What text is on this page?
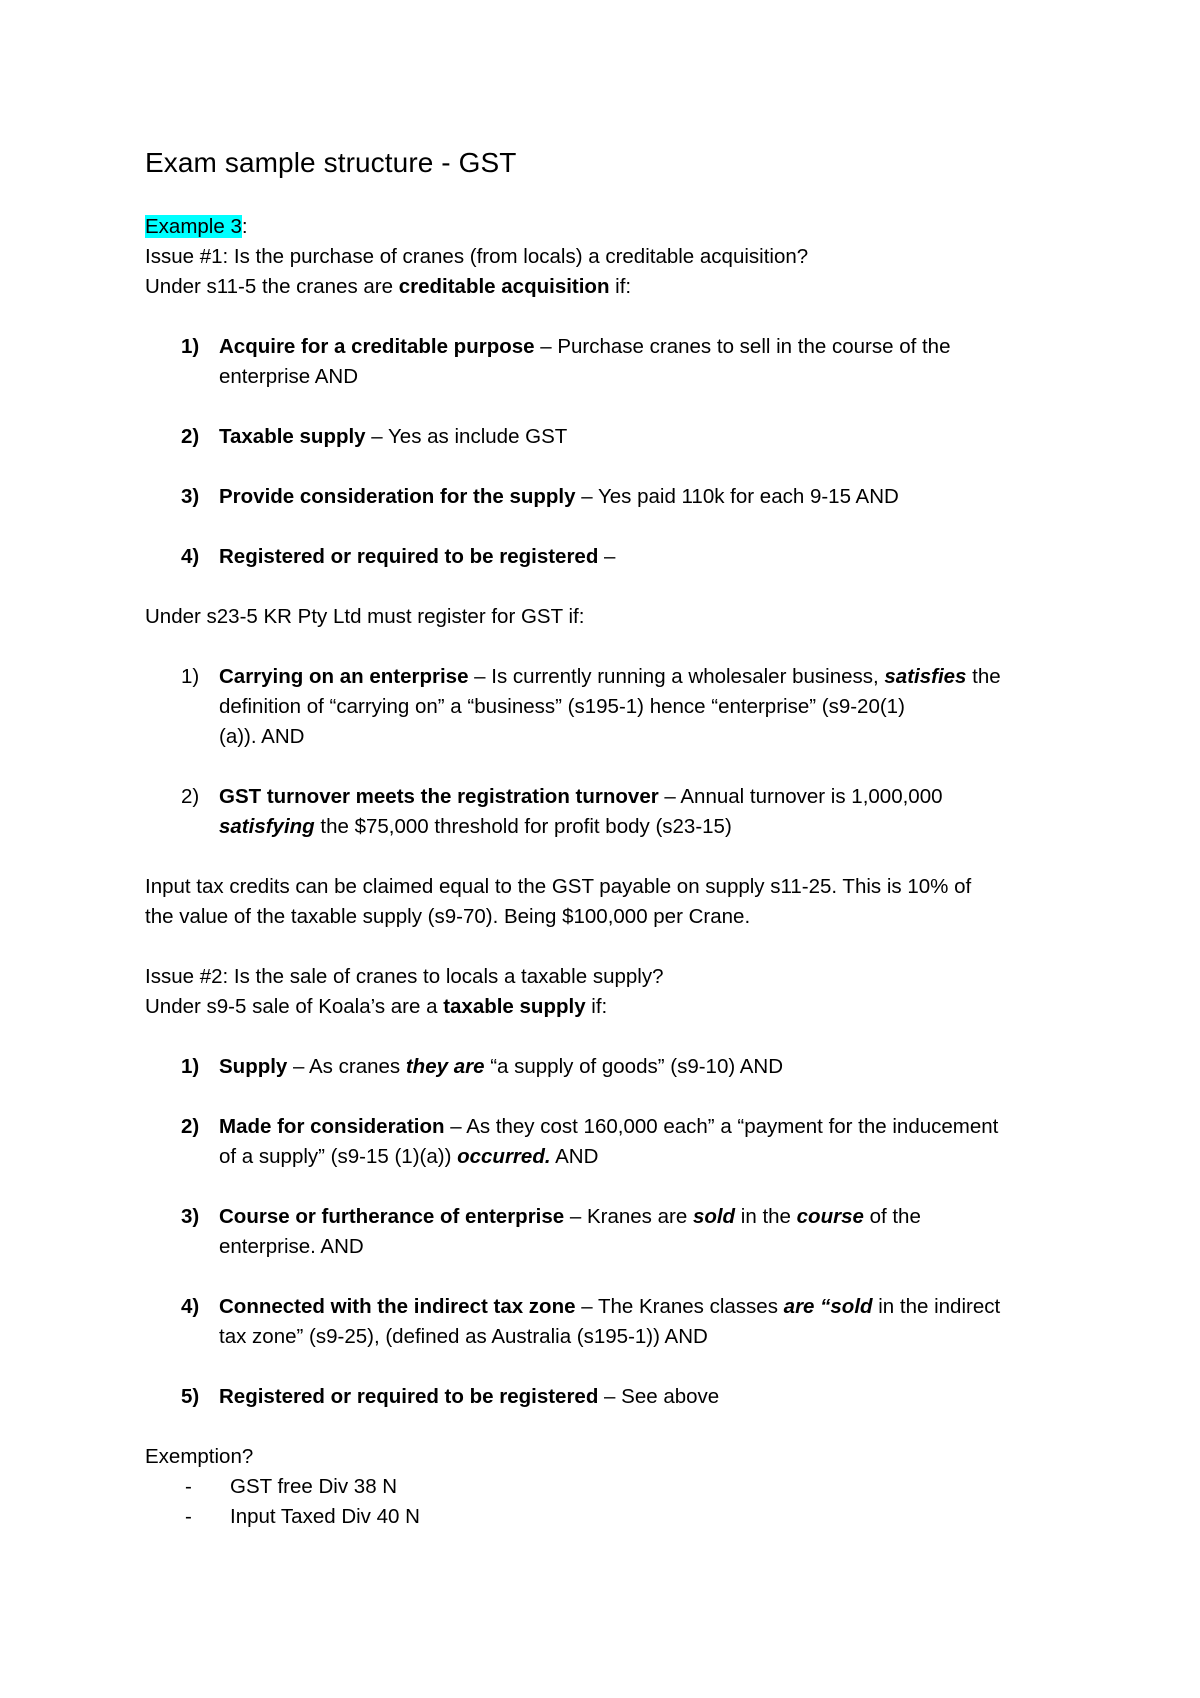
Exam sample structure - GST

Example 3:

Issue #1: Is the purchase of cranes (from locals) a creditable acquisition?

Under s11-5 the cranes are creditable acquisition if:

1) Acquire for a creditable purpose – Purchase cranes to sell in the course of the
enterprise AND
2) Taxable supply – Yes as include GST
3) Provide consideration for the supply – Yes paid 110k for each 9-15 AND
4) Registered or required to be registered –

Under s23-5 KR Pty Ltd must register for GST if:

1) Carrying on an enterprise – Is currently running a wholesaler business, satisfies the
definition of “carrying on” a “business” (s195-1) hence “enterprise” (s9-20(1)
(a)). AND
2) GST turnover meets the registration turnover – Annual turnover is 1,000,000
satisfying the $75,000 threshold for profit body (s23-15)

Input tax credits can be claimed equal to the GST payable on supply s11-25. This is 10% of

the value of the taxable supply (s9-70). Being $100,000 per Crane.

Issue #2: Is the sale of cranes to locals a taxable supply?

Under s9-5 sale of Koala’s are a taxable supply if:

1) Supply – As cranes they are “a supply of goods” (s9-10) AND
2) Made for consideration – As they cost 160,000 each” a “payment for the inducement
of a supply” (s9-15 (1)(a)) occurred. AND
3) Course or furtherance of enterprise – Kranes are sold in the course of the
enterprise. AND
4) Connected with the indirect tax zone – The Kranes classes are “sold in the indirect
tax zone” (s9-25), (defined as Australia (s195-1)) AND
5) Registered or required to be registered – See above

Exemption?

- GST free Div 38 N
- Input Taxed Div 40 N
